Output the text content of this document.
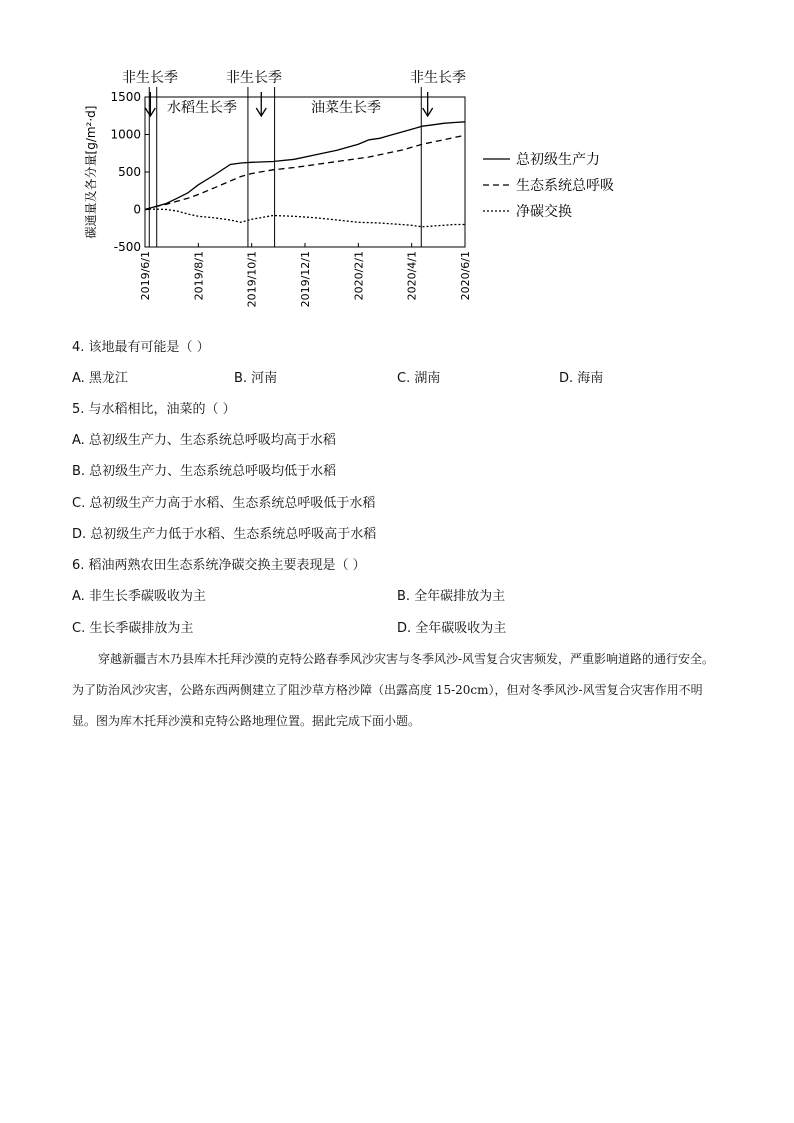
1500
1000
500
0
-500
碳通量及各分量[g/m²·d]
2019/6/1	2019/8/1	2019/10/1	2019/12/1	2020/2/1	2020/4/1	2020/6/1
非生长季	非生长季	非生长季
水稻生长季	油菜生长季
总初级生产力
生态系统总呼吸
净碳交换
4. 该地最有可能是（ ）
A. 黑龙江	B. 河南	C. 湖南	D. 海南
5. 与水稻相比，油菜的（ ）
A. 总初级生产力、生态系统总呼吸均高于水稻
B. 总初级生产力、生态系统总呼吸均低于水稻
C. 总初级生产力高于水稻、生态系统总呼吸低于水稻
D. 总初级生产力低于水稻、生态系统总呼吸高于水稻
6. 稻油两熟农田生态系统净碳交换主要表现是（ ）
A. 非生长季碳吸收为主	B. 全年碳排放为主
C. 生长季碳排放为主	D. 全年碳吸收为主
穿越新疆吉木乃县库木托拜沙漠的克特公路春季风沙灾害与冬季风沙-风雪复合灾害频发，严重影响道路的通行安全。为了防治风沙灾害，公路东西两侧建立了阻沙草方格沙障（出露高度 15-20cm），但对冬季风沙-风雪复合灾害作用不明显。图为库木托拜沙漠和克特公路地理位置。据此完成下面小题。
